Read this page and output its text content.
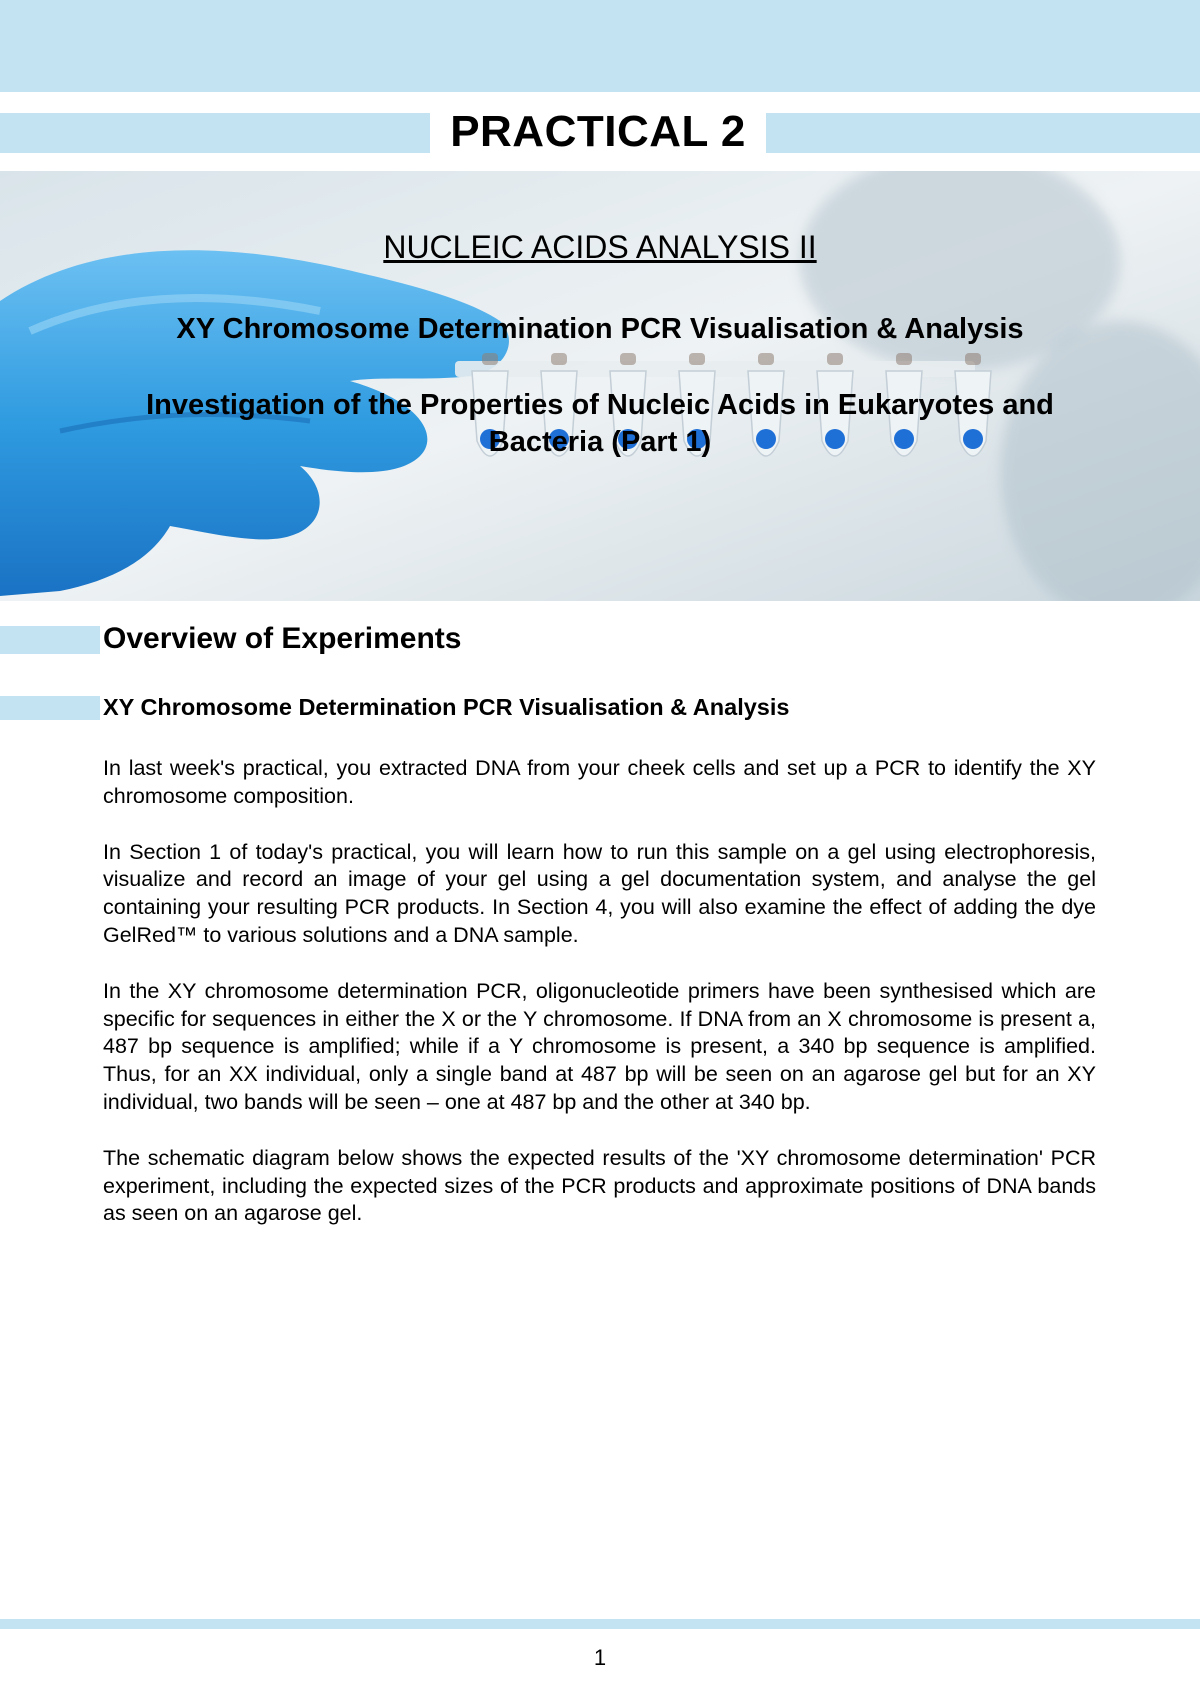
PRACTICAL 2
NUCLEIC ACIDS ANALYSIS II
XY Chromosome Determination PCR Visualisation & Analysis
Investigation of the Properties of Nucleic Acids in Eukaryotes and Bacteria (Part 1)
Overview of Experiments
XY Chromosome Determination PCR Visualisation & Analysis

In last week's practical, you extracted DNA from your cheek cells and set up a PCR to identify the XY chromosome composition.

In Section 1 of today's practical, you will learn how to run this sample on a gel using electrophoresis, visualize and record an image of your gel using a gel documentation system, and analyse the gel containing your resulting PCR products. In Section 4, you will also examine the effect of adding the dye GelRed™ to various solutions and a DNA sample.

In the XY chromosome determination PCR, oligonucleotide primers have been synthesised which are specific for sequences in either the X or the Y chromosome. If DNA from an X chromosome is present a, 487 bp sequence is amplified; while if a Y chromosome is present, a 340 bp sequence is amplified. Thus, for an XX individual, only a single band at 487 bp will be seen on an agarose gel but for an XY individual, two bands will be seen – one at 487 bp and the other at 340 bp.

The schematic diagram below shows the expected results of the 'XY chromosome determination' PCR experiment, including the expected sizes of the PCR products and approximate positions of DNA bands as seen on an agarose gel.

1
